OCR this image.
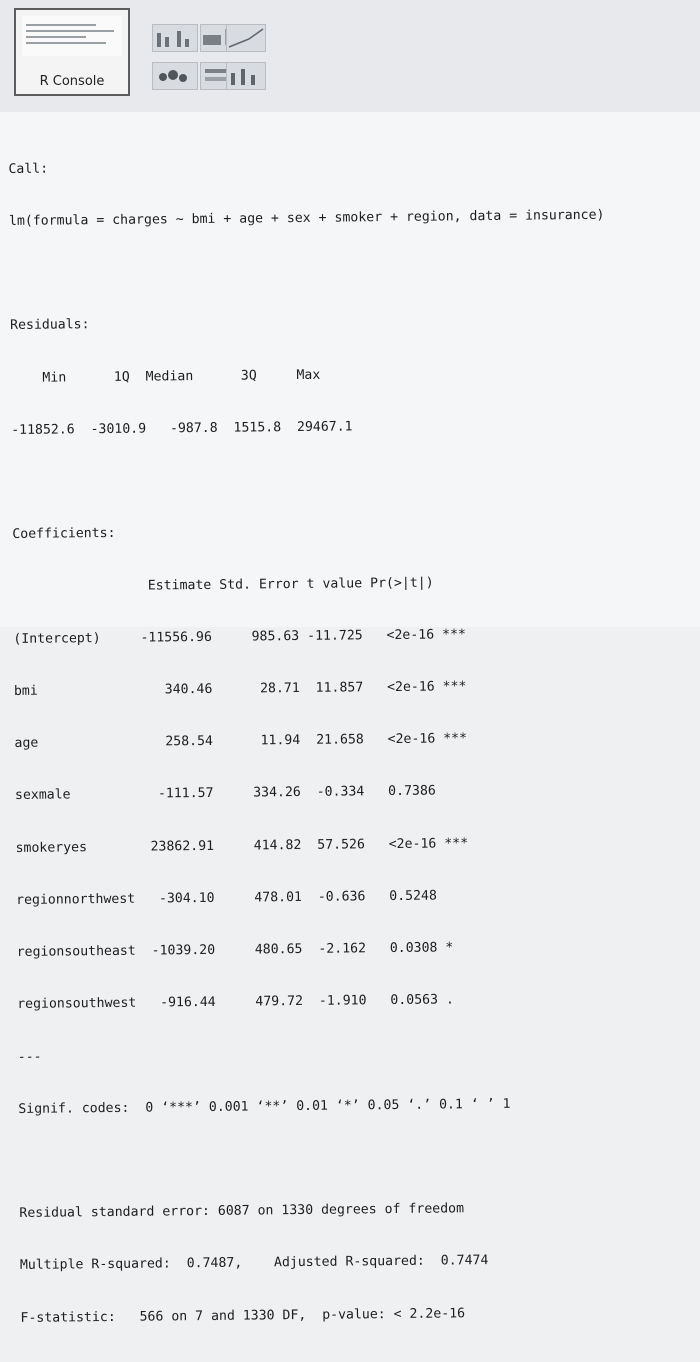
R Console

Call:

lm(formula = charges ~ bmi + age + sex + smoker + region, data = insurance)

Residuals:

Min      1Q  Median      3Q     Max

-11852.6  -3010.9   -987.8  1515.8  29467.1

Coefficients:

Estimate Std. Error t value Pr(>|t|)

(Intercept)     -11556.96     985.63 -11.725   <2e-16 ***

bmi                340.46      28.71  11.857   <2e-16 ***

age                258.54      11.94  21.658   <2e-16 ***

sexmale           -111.57     334.26  -0.334   0.7386

smokeryes        23862.91     414.82  57.526   <2e-16 ***

regionnorthwest   -304.10     478.01  -0.636   0.5248

regionsoutheast  -1039.20     480.65  -2.162   0.0308 *

regionsouthwest   -916.44     479.72  -1.910   0.0563 .

---

Signif. codes:  0 ‘***’ 0.001 ‘**’ 0.01 ‘*’ 0.05 ‘.’ 0.1 ‘ ’ 1

Residual standard error: 6087 on 1330 degrees of freedom

Multiple R-squared:  0.7487,	Adjusted R-squared:  0.7474

F-statistic:   566 on 7 and 1330 DF,  p-value: < 2.2e-16
